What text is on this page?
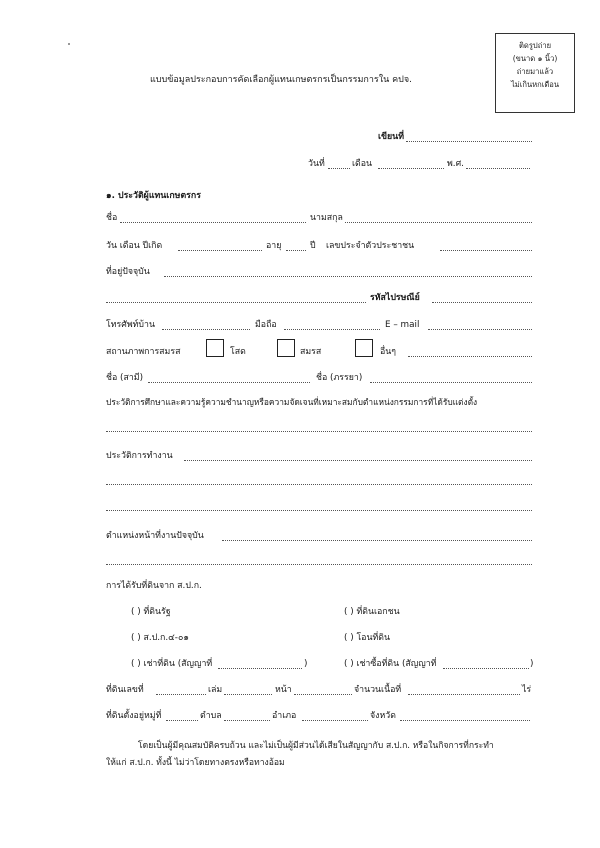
ติดรูปถ่าย
(ขนาด ๑ นิ้ว)
ถ่ายมาแล้ว
ไม่เกินหกเดือน
แบบข้อมูลประกอบการคัดเลือกผู้แทนเกษตรกรเป็นกรรมการใน คปจ.
เขียนที่
วันที่	เดือน	พ.ศ.
๑. ประวัติผู้แทนเกษตรกร
ชื่อ	นามสกุล
วัน เดือน ปีเกิด	อายุ	ปี เลขประจำตัวประชาชน
ที่อยู่ปัจจุบัน
รหัสไปรษณีย์
โทรศัพท์บ้าน	มือถือ	E – mail
สถานภาพการสมรส	โสด	สมรส	อื่นๆ
ชื่อ (สามี)	ชื่อ (ภรรยา)
ประวัติการศึกษาและความรู้ความชำนาญหรือความจัดเจนที่เหมาะสมกับตำแหน่งกรรมการที่ได้รับแต่งตั้ง
ประวัติการทำงาน
ตำแหน่งหน้าที่งานปัจจุบัน
การได้รับที่ดินจาก ส.ป.ก.
( ) ที่ดินรัฐ	( ) ที่ดินเอกชน
( ) ส.ป.ก.๔-๐๑	( ) โอนที่ดิน
( ) เช่าที่ดิน (สัญญาที่	)	( ) เช่าซื้อที่ดิน (สัญญาที่	)
ที่ดินเลขที่	เล่ม	หน้า	จำนวนเนื้อที่	ไร่
ที่ดินตั้งอยู่หมู่ที่	ตำบล	อำเภอ	จังหวัด
โดยเป็นผู้มีคุณสมบัติครบถ้วน และไม่เป็นผู้มีส่วนได้เสียในสัญญากับ ส.ป.ก. หรือในกิจการที่กระทำ
ให้แก่ ส.ป.ก. ทั้งนี้ ไม่ว่าโดยทางตรงหรือทางอ้อม
